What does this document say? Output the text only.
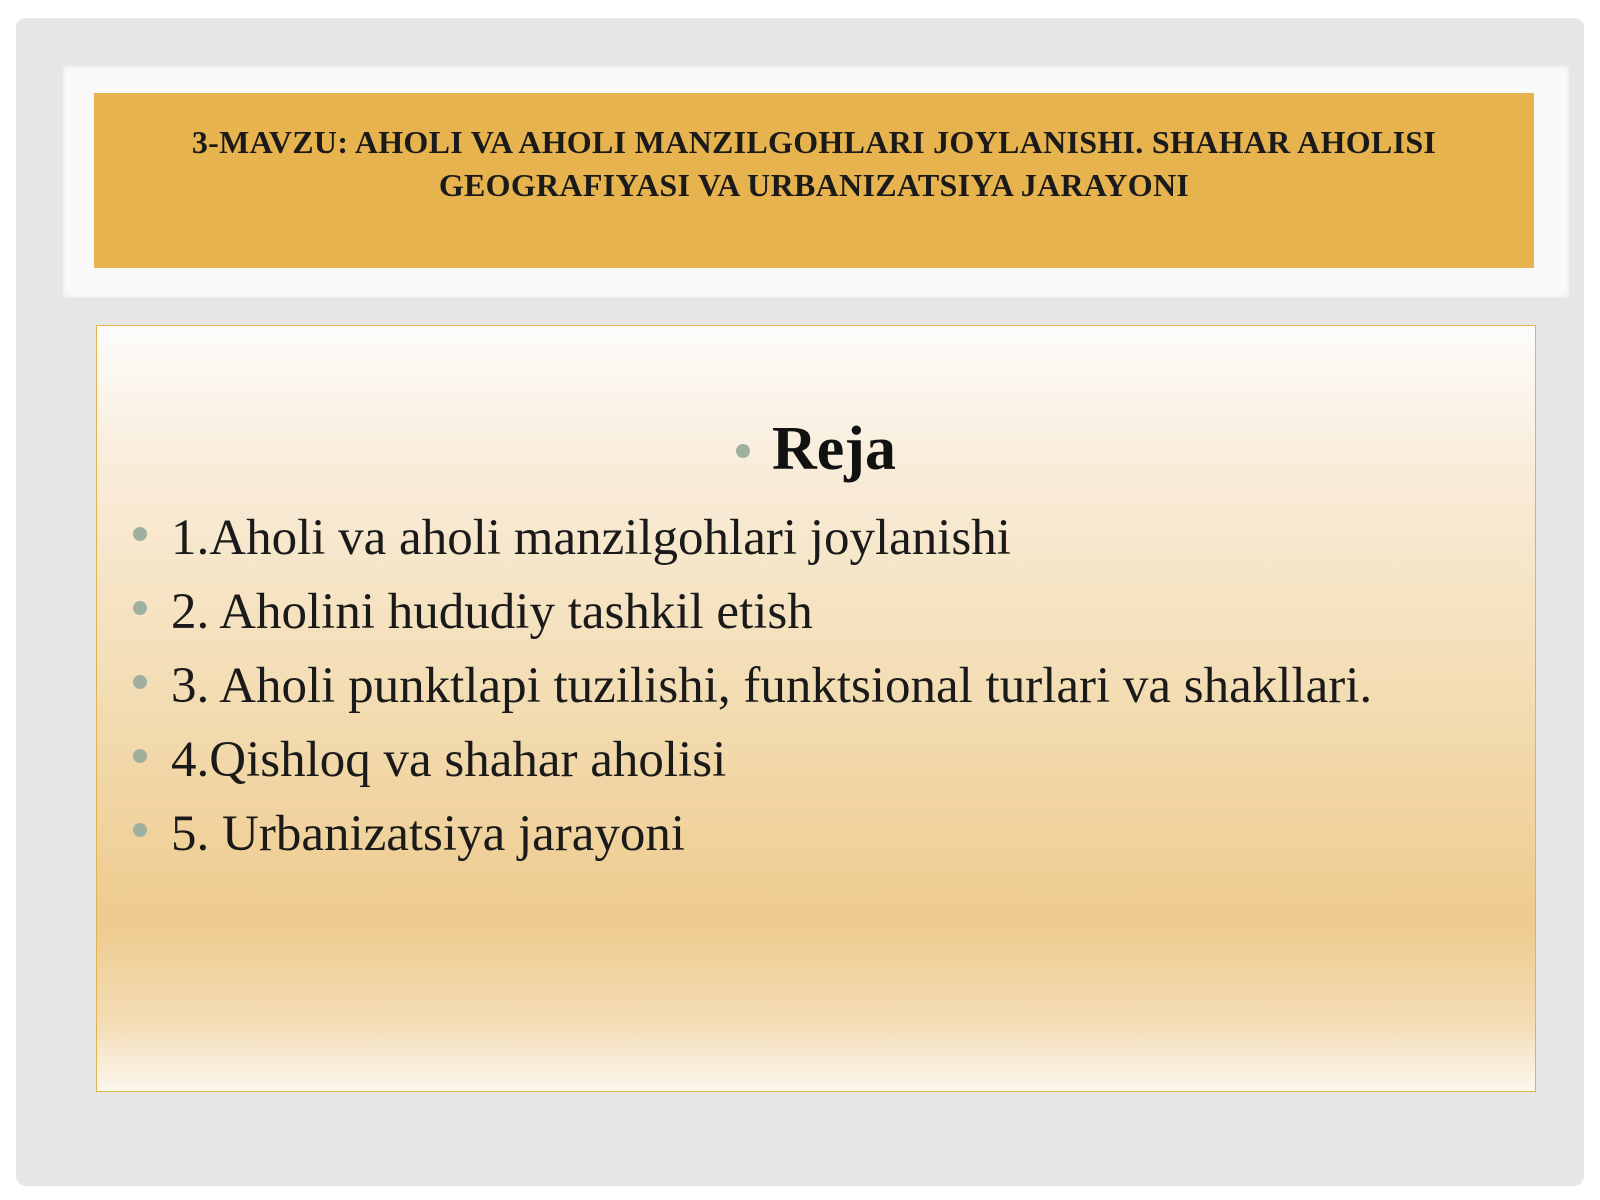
3-MAVZU: AHOLI VA AHOLI MANZILGOHLARI JOYLANISHI. SHAHAR AHOLISI GEOGRAFIYASI VA URBANIZATSIYA JARAYONI

Reja
1.Aholi va aholi manzilgohlari joylanishi
2. Aholini hududiy tashkil etish
3. Aholi punktlapi tuzilishi, funktsional turlari va shakllari.
4.Qishloq va shahar aholisi
5. Urbanizatsiya jarayoni
